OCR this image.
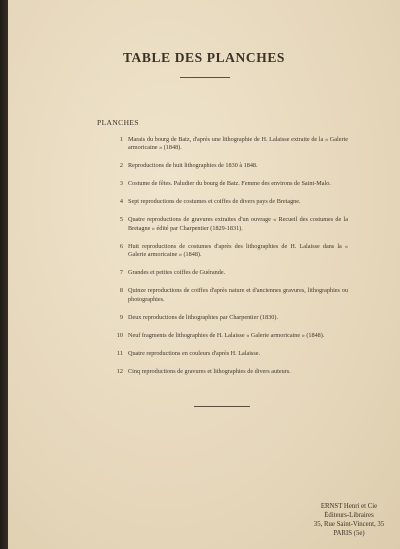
TABLE DES PLANCHES
PLANCHES
1 Marais du bourg de Batz, d'après une lithographie de H. Lalaisse extraite de la « Galerie armoricaine » (1848).
2 Reproductions de huit lithographies de 1830 à 1848.
3 Costume de fêtes. Paludier du bourg de Batz. Femme des environs de Saint-Malo.
4 Sept reproductions de costumes et coiffes de divers pays de Bretagne.
5 Quatre reproductions de gravures extraites d'un ouvrage « Recueil des costumes de la Bretagne » édité par Charpentier (1829-1831).
6 Huit reproductions de costumes d'après des lithographies de H. Lalaisse dans la « Galerie armoricaine » (1848).
7 Grandes et petites coiffes de Guérande.
8 Quinze reproductions de coiffes d'après nature et d'anciennes gravures, lithographies ou photographies.
9 Deux reproductions de lithographies par Charpentier (1830).
10 Neuf fragments de lithographies de H. Lalaisse « Galerie armoricaine » (1848).
11 Quatre reproductions en couleurs d'après H. Lalaisse.
12 Cinq reproductions de gravures et lithographies de divers auteurs.
ERNST Henri et Cie
Éditeurs-Libraires
35, Rue Saint-Vincent, 35
PARIS (5e)
